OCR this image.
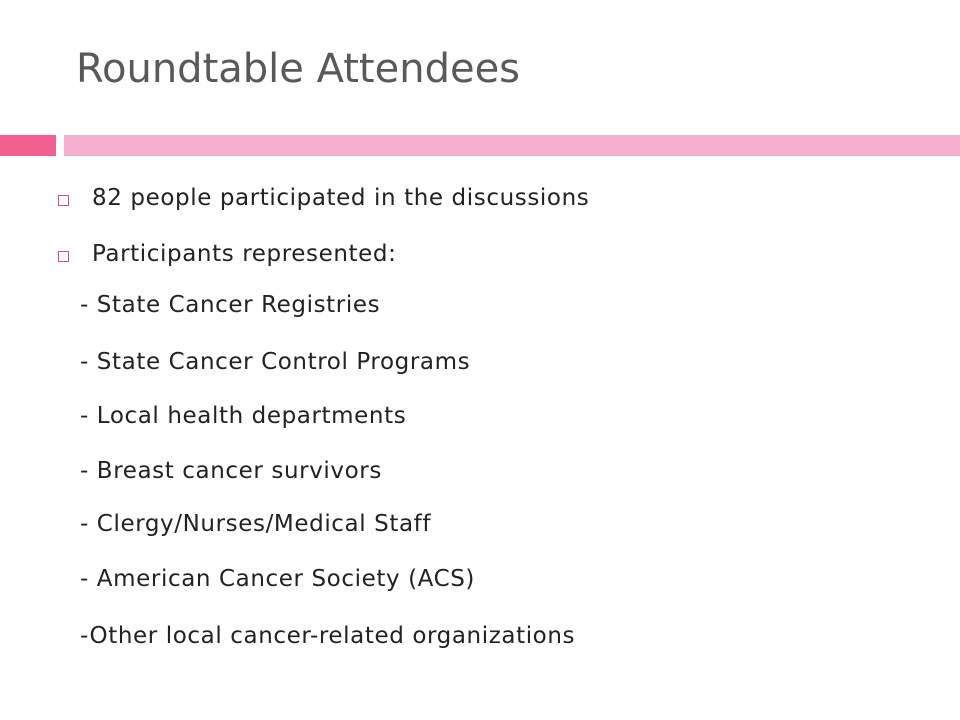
Roundtable Attendees
82 people participated in the discussions
Participants represented:
- State Cancer Registries
- State Cancer Control Programs
- Local health departments
- Breast cancer survivors
- Clergy/Nurses/Medical Staff
- American Cancer Society (ACS)
-Other local cancer-related organizations
